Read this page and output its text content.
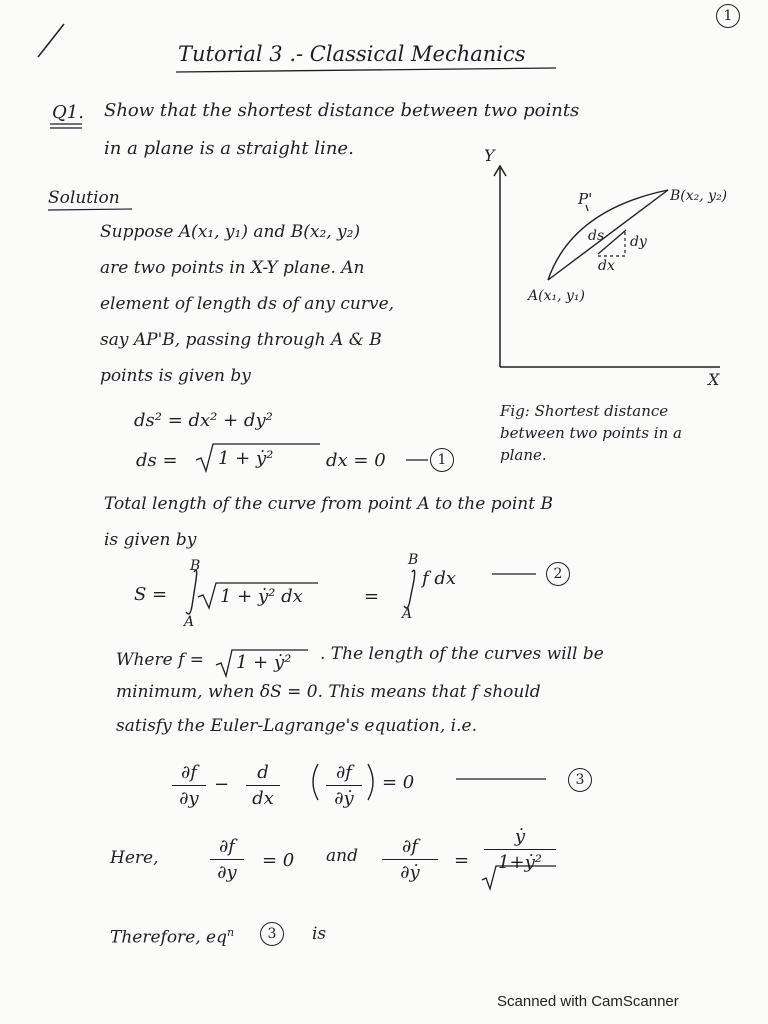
1
Tutorial 3 .- Classical Mechanics
Q1. Show that the shortest distance between two points
in a plane is a straight line.
Solution
Suppose A(x₁, y₁) and B(x₂, y₂)
are two points in X-Y plane. An
element of length ds of any curve,
say AP'B, passing through A & B
points is given by
ds² = dx² + dy²
ds = 1 + ẏ²	dx = 0	1
Y
X
P'	B(x₂, y₂)
A(x₁, y₁)
ds dy
dx
Fig: Shortest distance
between two points in a
plane.
Total length of the curve from point A to the point B
is given by
S =
B
A
1 + ẏ² dx	=
B
A
f dx	2
Where f = 1 + ẏ² . The length of the curves will be
minimum, when δS = 0. This means that f should
satisfy the Euler-Lagrange's equation, i.e.
∂f
∂y
−
d
dx
∂f
∂ẏ
= 0	3
Here,
∂f
∂y
= 0 and	∂f
∂ẏ
=
ẏ
1+ẏ²
Therefore, $eq^n$	3	is
Scanned with CamScanner
